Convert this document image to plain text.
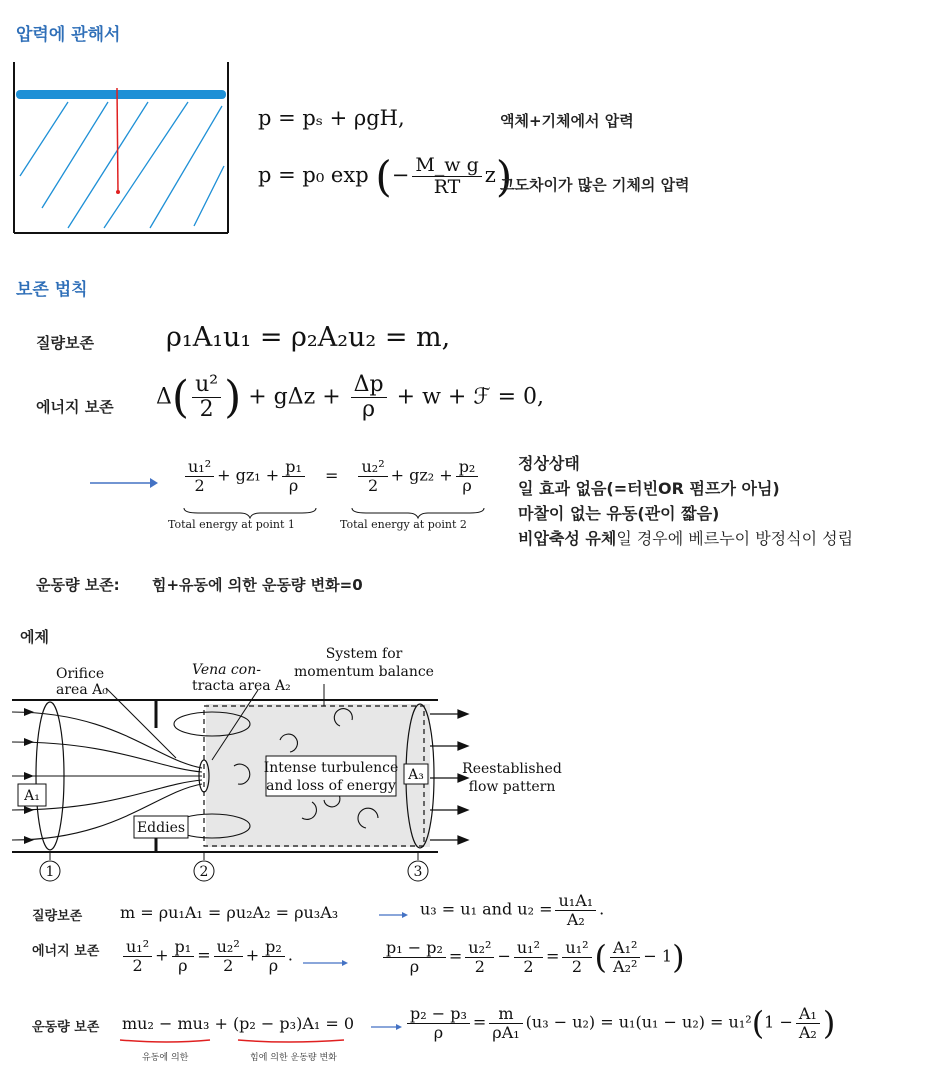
압력에 관해서
p = pₛ + ρgH,	액체+기체에서 압력
p = p₀ exp (− $\frac{\text{M\_w g}}{RT} z$)
고도차이가 많은 기체의 압력
보존 법칙
질량보존	ρ₁A₁u₁ = ρ₂A₂u₂ = m,
에너지 보존 $\Delta( \frac{\text{u²}}{2}$ ) + $g\Delta z + \frac{\Delta p}{\rho} + w$ + ℱ = 0,
$\frac{\text{u₁²}}{2} + gz_1 + \frac{\text{p₁}}{\rho} = \frac{\text{u₂²}}{2} + gz_2 + \frac{\text{p₂}}{\rho}$
Total energy at point 1	Total energy at point 2
정상상태
일 효과 없음(=터빈OR 펌프가 아님)
마찰이 없는 유동(관이 짧음)
비압축성 유체일 경우에 베르누이 방정식이 성립
운동량 보존: 힘+유동에 의한 운동량 변화=0
에제
Orifice
area A₀
Vena con-
tracta area A₂
System for
momentum balance
Intense turbulence
and loss of energy
Reestablished
flow pattern
A₁
A₃
Eddies
1	2	3
질량보존 m = ρu₁A₁ = ρu₂A₂ = ρu₃A₃	u₃ = u₁ and $u_2 = \frac{\text{u₁A₁}}{\text{A₂}}$ .
에너지 보존 $\frac{\text{u₁²}}{2} + \frac{\text{p₁}}{\rho} = \frac{\text{u₂²}}{2} + \frac{\text{p₂}}{\rho}$ .	$\frac{\text{p₁ − p₂}}{\rho} = \frac{\text{u₂²}}{2} - \frac{\text{u₁²}}{2} = \frac{\text{u₁²}}{2}$ ( $\frac{\text{A₁²}}{\text{A₂²}} - 1$)
운동량 보존 mu₂ − mu₃ + (p₂ − p₃)A₁ = 0
유동에 의한	힘에 의한 운동량 변화
$\frac{\text{p₂ − p₃}}{\rho} = \frac{m}{\text{ρA₁}} (u_3 - u_2) = u_1(u_1 - u_2) = u_1^2(1 - \frac{\text{A₁}}{\text{A₂}}$ )
